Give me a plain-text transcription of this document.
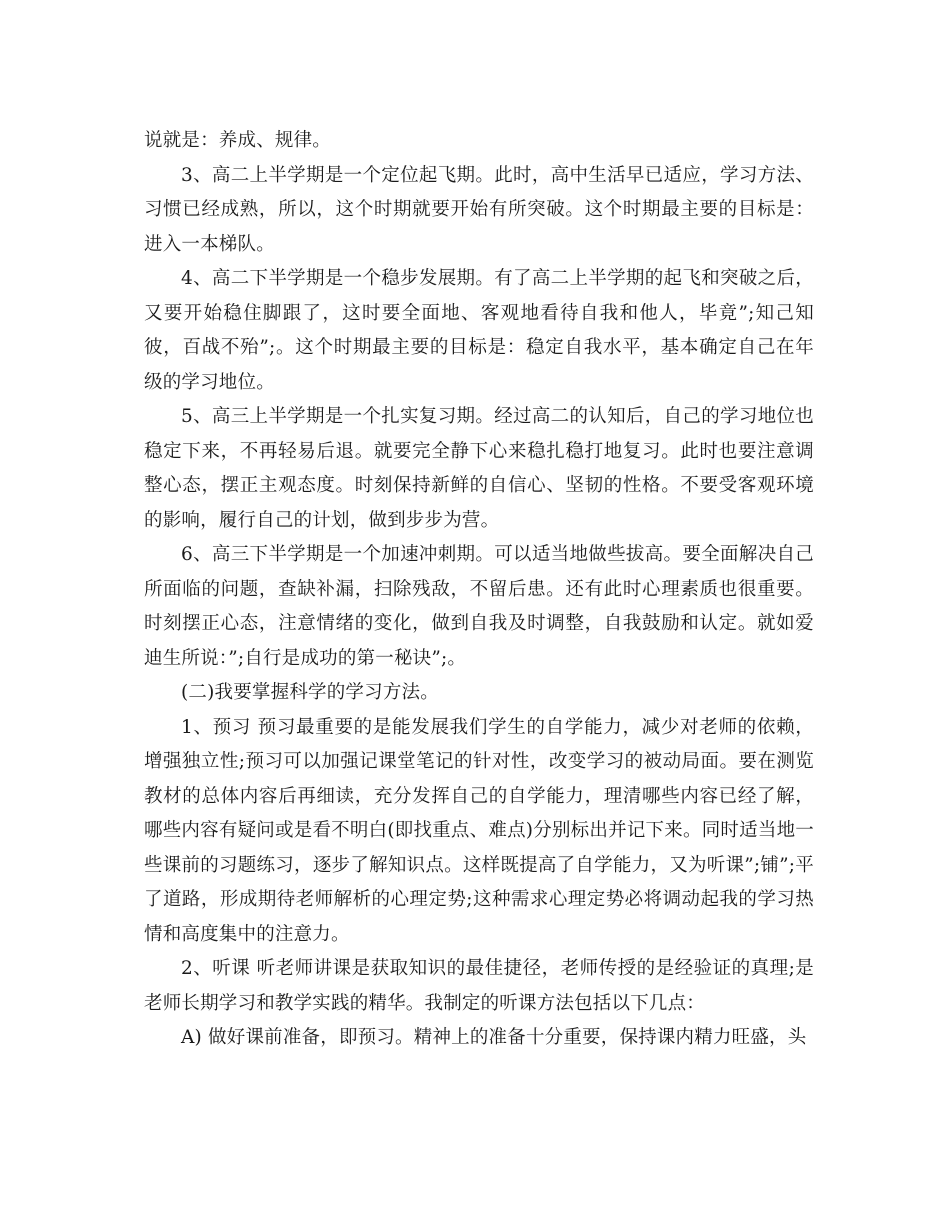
说就是：养成、规律。

3、高二上半学期是一个定位起飞期。此时，高中生活早已适应，学习方法、习惯已经成熟，所以，这个时期就要开始有所突破。这个时期最主要的目标是：进入一本梯队。

4、高二下半学期是一个稳步发展期。有了高二上半学期的起飞和突破之后，又要开始稳住脚跟了，这时要全面地、客观地看待自我和他人，毕竟”;知己知彼，百战不殆”;。这个时期最主要的目标是：稳定自我水平，基本确定自己在年级的学习地位。

5、高三上半学期是一个扎实复习期。经过高二的认知后，自己的学习地位也稳定下来，不再轻易后退。就要完全静下心来稳扎稳打地复习。此时也要注意调整心态，摆正主观态度。时刻保持新鲜的自信心、坚韧的性格。不要受客观环境的影响，履行自己的计划，做到步步为营。

6、高三下半学期是一个加速冲刺期。可以适当地做些拔高。要全面解决自己所面临的问题，查缺补漏，扫除残敌，不留后患。还有此时心理素质也很重要。时刻摆正心态，注意情绪的变化，做到自我及时调整，自我鼓励和认定。就如爱迪生所说：”;自行是成功的第一秘诀”;。

(二)我要掌握科学的学习方法。

1、预习 预习最重要的是能发展我们学生的自学能力，减少对老师的依赖，增强独立性;预习可以加强记课堂笔记的针对性，改变学习的被动局面。要在测览教材的总体内容后再细读，充分发挥自己的自学能力，理清哪些内容已经了解，哪些内容有疑问或是看不明白(即找重点、难点)分别标出并记下来。同时适当地一些课前的习题练习，逐步了解知识点。这样既提高了自学能力，又为听课”;铺”;平了道路，形成期待老师解析的心理定势;这种需求心理定势必将调动起我的学习热情和高度集中的注意力。

2、听课 听老师讲课是获取知识的最佳捷径，老师传授的是经验证的真理;是老师长期学习和教学实践的精华。我制定的听课方法包括以下几点：

A) 做好课前准备，即预习。精神上的准备十分重要，保持课内精力旺盛，头
